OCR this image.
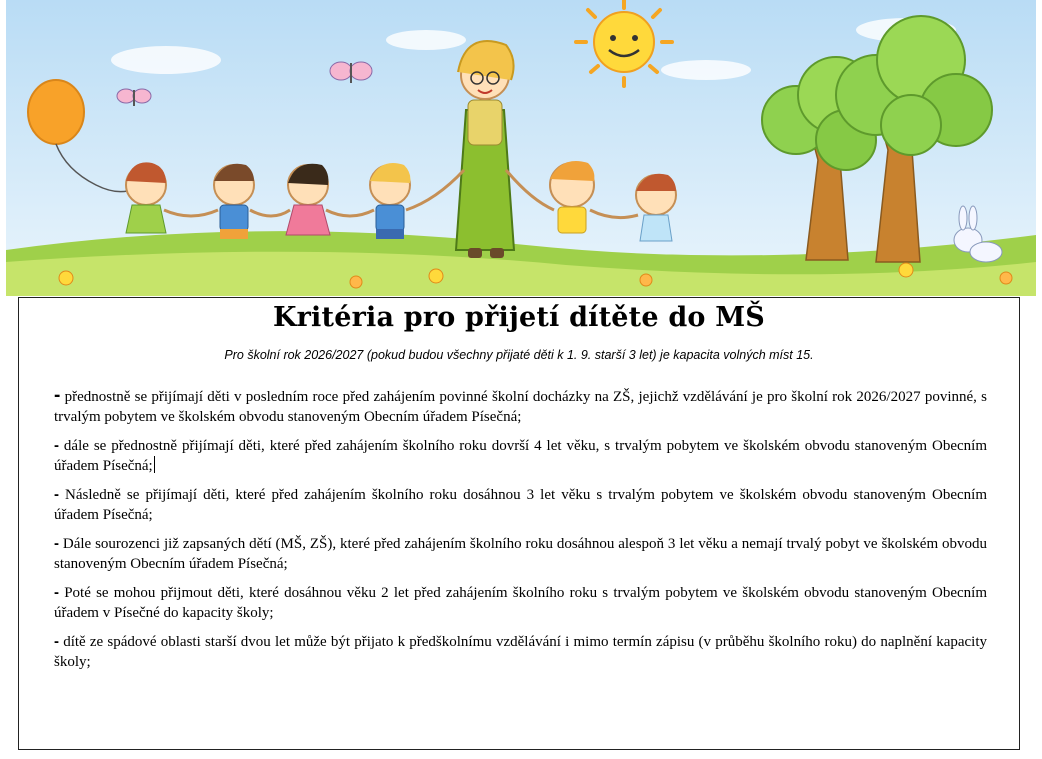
Kritéria pro přijetí dítěte do MŠ
Pro školní rok 2026/2027 (pokud budou všechny přijaté děti k 1. 9. starší 3 let) je kapacita volných míst 15.

- přednostně se přijímají děti v posledním roce před zahájením povinné školní docházky na ZŠ, jejichž vzdělávání je pro školní rok 2026/2027 povinné, s trvalým pobytem ve školském obvodu stanoveným Obecním úřadem Písečná;

- dále se přednostně přijímají děti, které před zahájením školního roku dovrší 4 let věku, s trvalým pobytem ve školském obvodu stanoveným Obecním úřadem Písečná;

- Následně se přijímají děti, které před zahájením školního roku dosáhnou 3 let věku s trvalým pobytem ve školském obvodu stanoveným Obecním úřadem Písečná;

- Dále sourozenci již zapsaných dětí (MŠ, ZŠ), které před zahájením školního roku dosáhnou alespoň 3 let věku a nemají trvalý pobyt ve školském obvodu stanoveným Obecním úřadem Písečná;

- Poté se mohou přijmout děti, které dosáhnou věku 2 let před zahájením školního roku s trvalým pobytem ve školském obvodu stanoveným Obecním úřadem v Písečné do kapacity školy;

- dítě ze spádové oblasti starší dvou let může být přijato k předškolnímu vzdělávání i mimo termín zápisu (v průběhu školního roku) do naplnění kapacity školy;
